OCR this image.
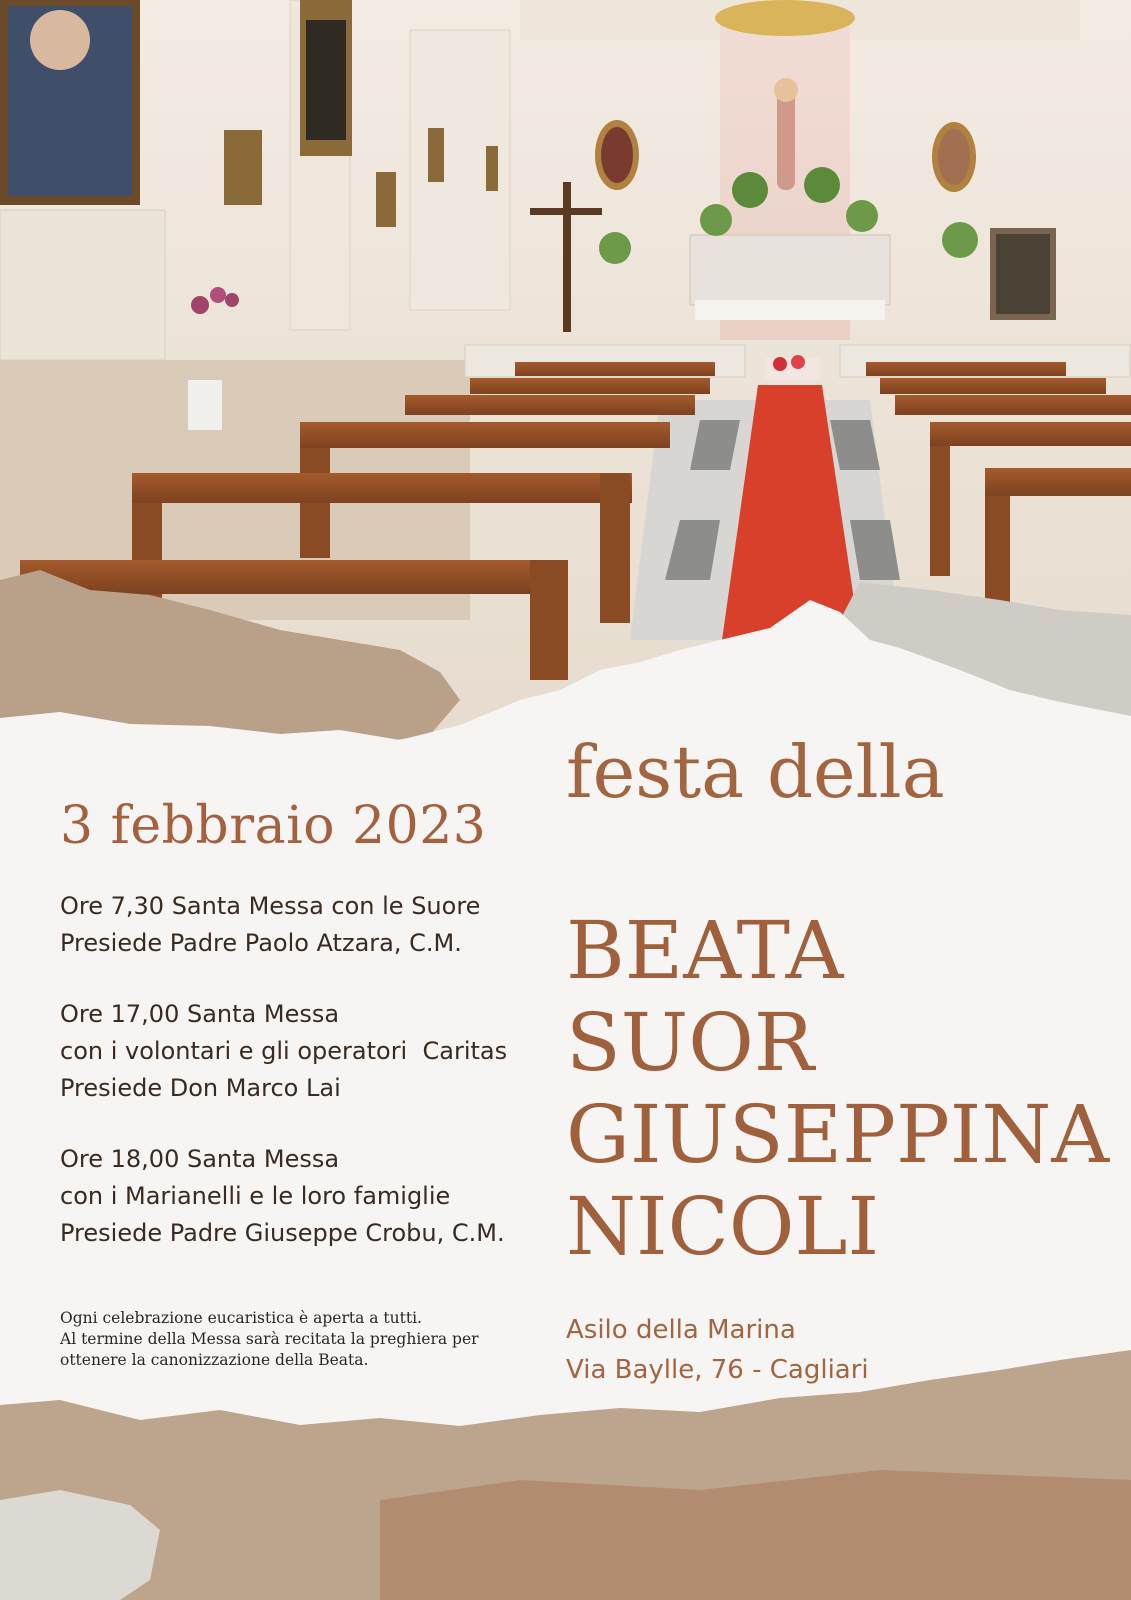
3 febbraio 2023
Ore 7,30 Santa Messa con le Suore
Presiede Padre Paolo Atzara, C.M.
Ore 17,00 Santa Messa
con i volontari e gli operatori  Caritas
Presiede Don Marco Lai
Ore 18,00 Santa Messa
con i Marianelli e le loro famiglie
Presiede Padre Giuseppe Crobu, C.M.
Ogni celebrazione eucaristica è aperta a tutti.
Al termine della Messa sarà recitata la preghiera per
ottenere la canonizzazione della Beata.
festa della
BEATA
SUOR
GIUSEPPINA
NICOLI
Asilo della Marina
Via Baylle, 76 - Cagliari
